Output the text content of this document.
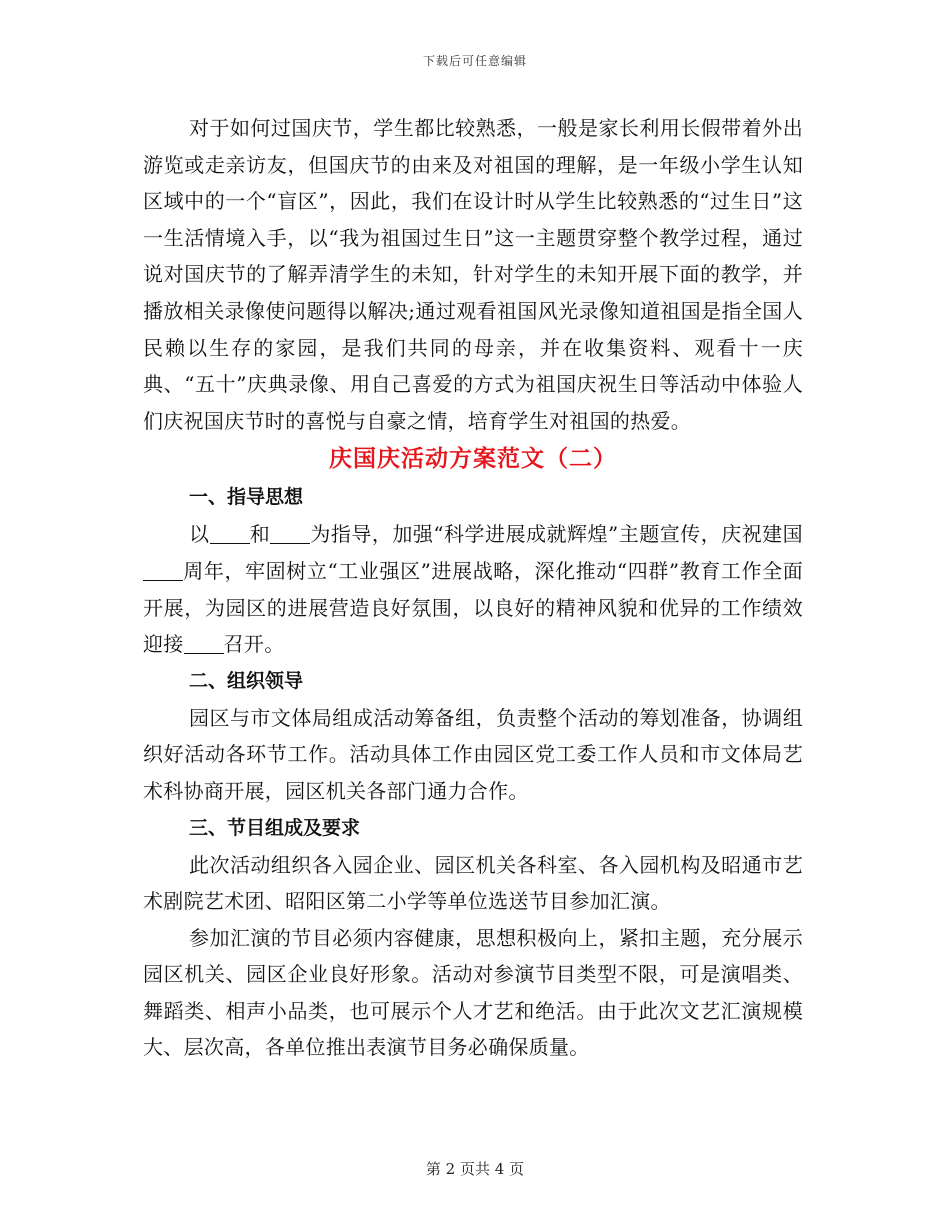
下载后可任意编辑

对于如何过国庆节，学生都比较熟悉，一般是家长利用长假带着外出游览或走亲访友，但国庆节的由来及对祖国的理解，是一年级小学生认知区域中的一个“盲区”，因此，我们在设计时从学生比较熟悉的“过生日”这一生活情境入手，以“我为祖国过生日”这一主题贯穿整个教学过程，通过说对国庆节的了解弄清学生的未知，针对学生的未知开展下面的教学，并播放相关录像使问题得以解决;通过观看祖国风光录像知道祖国是指全国人民赖以生存的家园，是我们共同的母亲，并在收集资料、观看十一庆典、“五十”庆典录像、用自己喜爱的方式为祖国庆祝生日等活动中体验人们庆祝国庆节时的喜悦与自豪之情，培育学生对祖国的热爱。

庆国庆活动方案范文（二）
一、指导思想

以 和 为指导，加强“科学进展成就辉煌”主题宣传，庆祝建国周年，牢固树立“工业强区”进展战略，深化推动“四群”教育工作全面开展，为园区的进展营造良好氛围，以良好的精神风貌和优异的工作绩效迎接 召开。

二、组织领导

园区与市文体局组成活动筹备组，负责整个活动的筹划准备，协调组织好活动各环节工作。活动具体工作由园区党工委工作人员和市文体局艺术科协商开展，园区机关各部门通力合作。

三、节目组成及要求

此次活动组织各入园企业、园区机关各科室、各入园机构及昭通市艺术剧院艺术团、昭阳区第二小学等单位选送节目参加汇演。

参加汇演的节目必须内容健康，思想积极向上，紧扣主题，充分展示园区机关、园区企业良好形象。活动对参演节目类型不限，可是演唱类、舞蹈类、相声小品类，也可展示个人才艺和绝活。由于此次文艺汇演规模大、层次高，各单位推出表演节目务必确保质量。

第 2 页共 4 页
